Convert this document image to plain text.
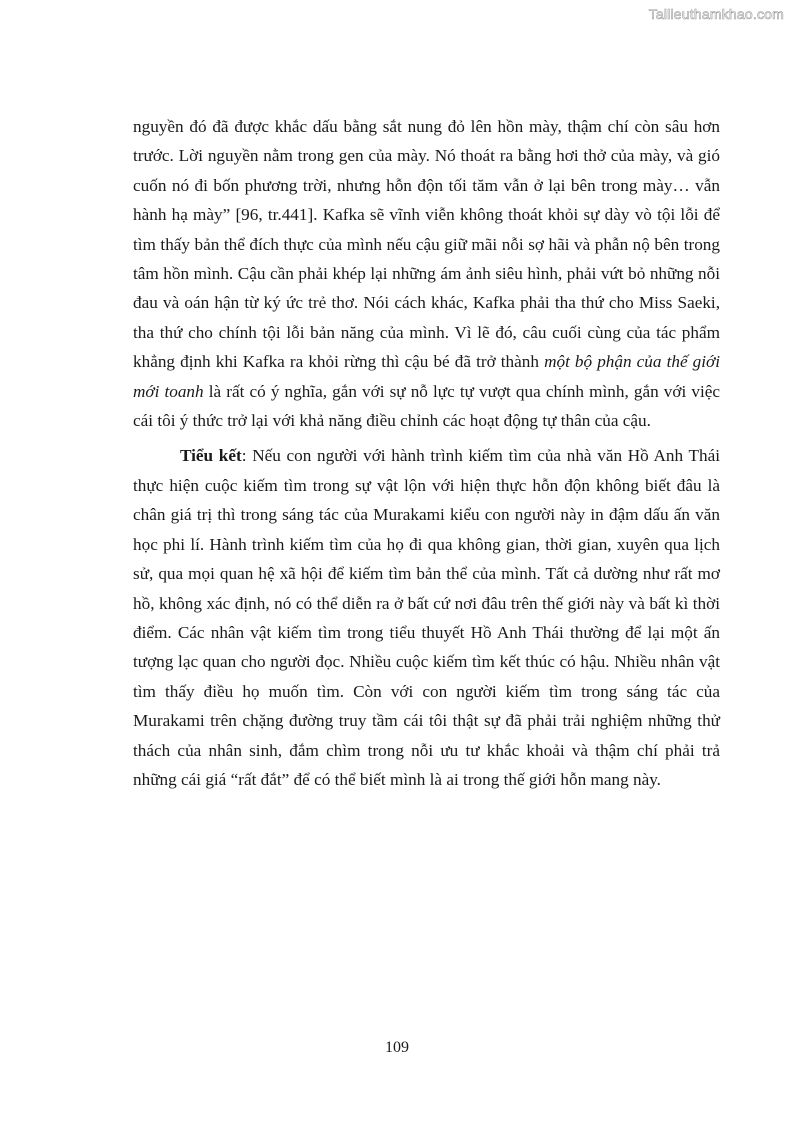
Tailieuthamkhao.com

nguyền đó đã được khắc dấu bằng sắt nung đỏ lên hồn mày, thậm chí còn sâu hơn trước. Lời nguyền nằm trong gen của mày. Nó thoát ra bằng hơi thở của mày, và gió cuốn nó đi bốn phương trời, nhưng hỗn độn tối tăm vẫn ở lại bên trong mày… vẫn hành hạ mày” [96, tr.441]. Kafka sẽ vĩnh viễn không thoát khỏi sự dày vò tội lỗi để tìm thấy bản thể đích thực của mình nếu cậu giữ mãi nỗi sợ hãi và phẫn nộ bên trong tâm hồn mình. Cậu cần phải khép lại những ám ảnh siêu hình, phải vứt bỏ những nỗi đau và oán hận từ ký ức trẻ thơ. Nói cách khác, Kafka phải tha thứ cho Miss Saeki, tha thứ cho chính tội lỗi bản năng của mình. Vì lẽ đó, câu cuối cùng của tác phẩm khẳng định khi Kafka ra khỏi rừng thì cậu bé đã trở thành một bộ phận của thế giới mới toanh là rất có ý nghĩa, gắn với sự nỗ lực tự vượt qua chính mình, gắn với việc cái tôi ý thức trở lại với khả năng điều chỉnh các hoạt động tự thân của cậu.

Tiểu kết: Nếu con người với hành trình kiếm tìm của nhà văn Hồ Anh Thái thực hiện cuộc kiếm tìm trong sự vật lộn với hiện thực hỗn độn không biết đâu là chân giá trị thì trong sáng tác của Murakami kiểu con người này in đậm dấu ấn văn học phi lí. Hành trình kiếm tìm của họ đi qua không gian, thời gian, xuyên qua lịch sử, qua mọi quan hệ xã hội để kiếm tìm bản thể của mình. Tất cả dường như rất mơ hồ, không xác định, nó có thể diễn ra ở bất cứ nơi đâu trên thế giới này và bất kì thời điểm. Các nhân vật kiếm tìm trong tiểu thuyết Hồ Anh Thái thường để lại một ấn tượng lạc quan cho người đọc. Nhiều cuộc kiếm tìm kết thúc có hậu. Nhiều nhân vật tìm thấy điều họ muốn tìm. Còn với con người kiếm tìm trong sáng tác của Murakami trên chặng đường truy tầm cái tôi thật sự đã phải trải nghiệm những thử thách của nhân sinh, đắm chìm trong nỗi ưu tư khắc khoải và thậm chí phải trả những cái giá “rất đắt” để có thể biết mình là ai trong thế giới hỗn mang này.

109
